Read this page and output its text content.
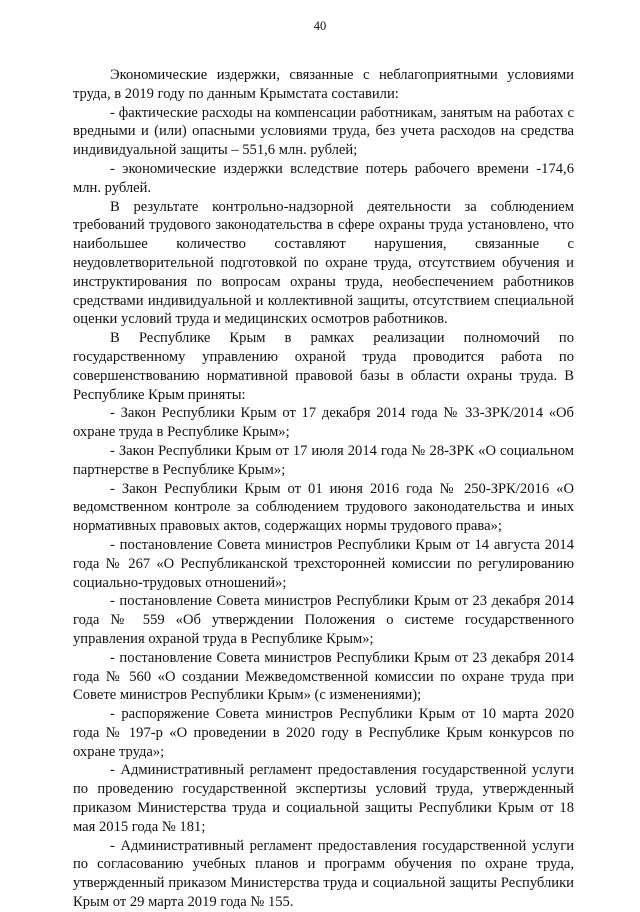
40

Экономические издержки, связанные с неблагоприятными условиями труда, в 2019 году по данным Крымстата составили:

- фактические расходы на компенсации работникам, занятым на работах с вредными и (или) опасными условиями труда, без учета расходов на средства индивидуальной защиты – 551,6 млн. рублей;

- экономические издержки вследствие потерь рабочего времени -174,6 млн. рублей.

В результате контрольно-надзорной деятельности за соблюдением требований трудового законодательства в сфере охраны труда установлено, что наибольшее количество составляют нарушения, связанные с неудовлетворительной подготовкой по охране труда, отсутствием обучения и инструктирования по вопросам охраны труда, необеспечением работников средствами индивидуальной и коллективной защиты, отсутствием специальной оценки условий труда и медицинских осмотров работников.

В Республике Крым в рамках реализации полномочий по государственному управлению охраной труда проводится работа по совершенствованию нормативной правовой базы в области охраны труда. В Республике Крым приняты:

- Закон Республики Крым от 17 декабря 2014 года № 33-ЗРК/2014 «Об охране труда в Республике Крым»;

- Закон Республики Крым от 17 июля 2014 года № 28-ЗРК «О социальном партнерстве в Республике Крым»;

- Закон Республики Крым от 01 июня 2016 года № 250-ЗРК/2016 «О ведомственном контроле за соблюдением трудового законодательства и иных нормативных правовых актов, содержащих нормы трудового права»;

- постановление Совета министров Республики Крым от 14 августа 2014 года № 267 «О Республиканской трехсторонней комиссии по регулированию социально-трудовых отношений»;

- постановление Совета министров Республики Крым от 23 декабря 2014 года № 559 «Об утверждении Положения о системе государственного управления охраной труда в Республике Крым»;

- постановление Совета министров Республики Крым от 23 декабря 2014 года № 560 «О создании Межведомственной комиссии по охране труда при Совете министров Республики Крым» (с изменениями);

- распоряжение Совета министров Республики Крым от 10 марта 2020 года № 197-р «О проведении в 2020 году в Республике Крым конкурсов по охране труда»;

- Административный регламент предоставления государственной услуги по проведению государственной экспертизы условий труда, утвержденный приказом Министерства труда и социальной защиты Республики Крым от 18 мая 2015 года № 181;

- Административный регламент предоставления государственной услуги по согласованию учебных планов и программ обучения по охране труда, утвержденный приказом Министерства труда и социальной защиты Республики Крым от 29 марта 2019 года № 155.
